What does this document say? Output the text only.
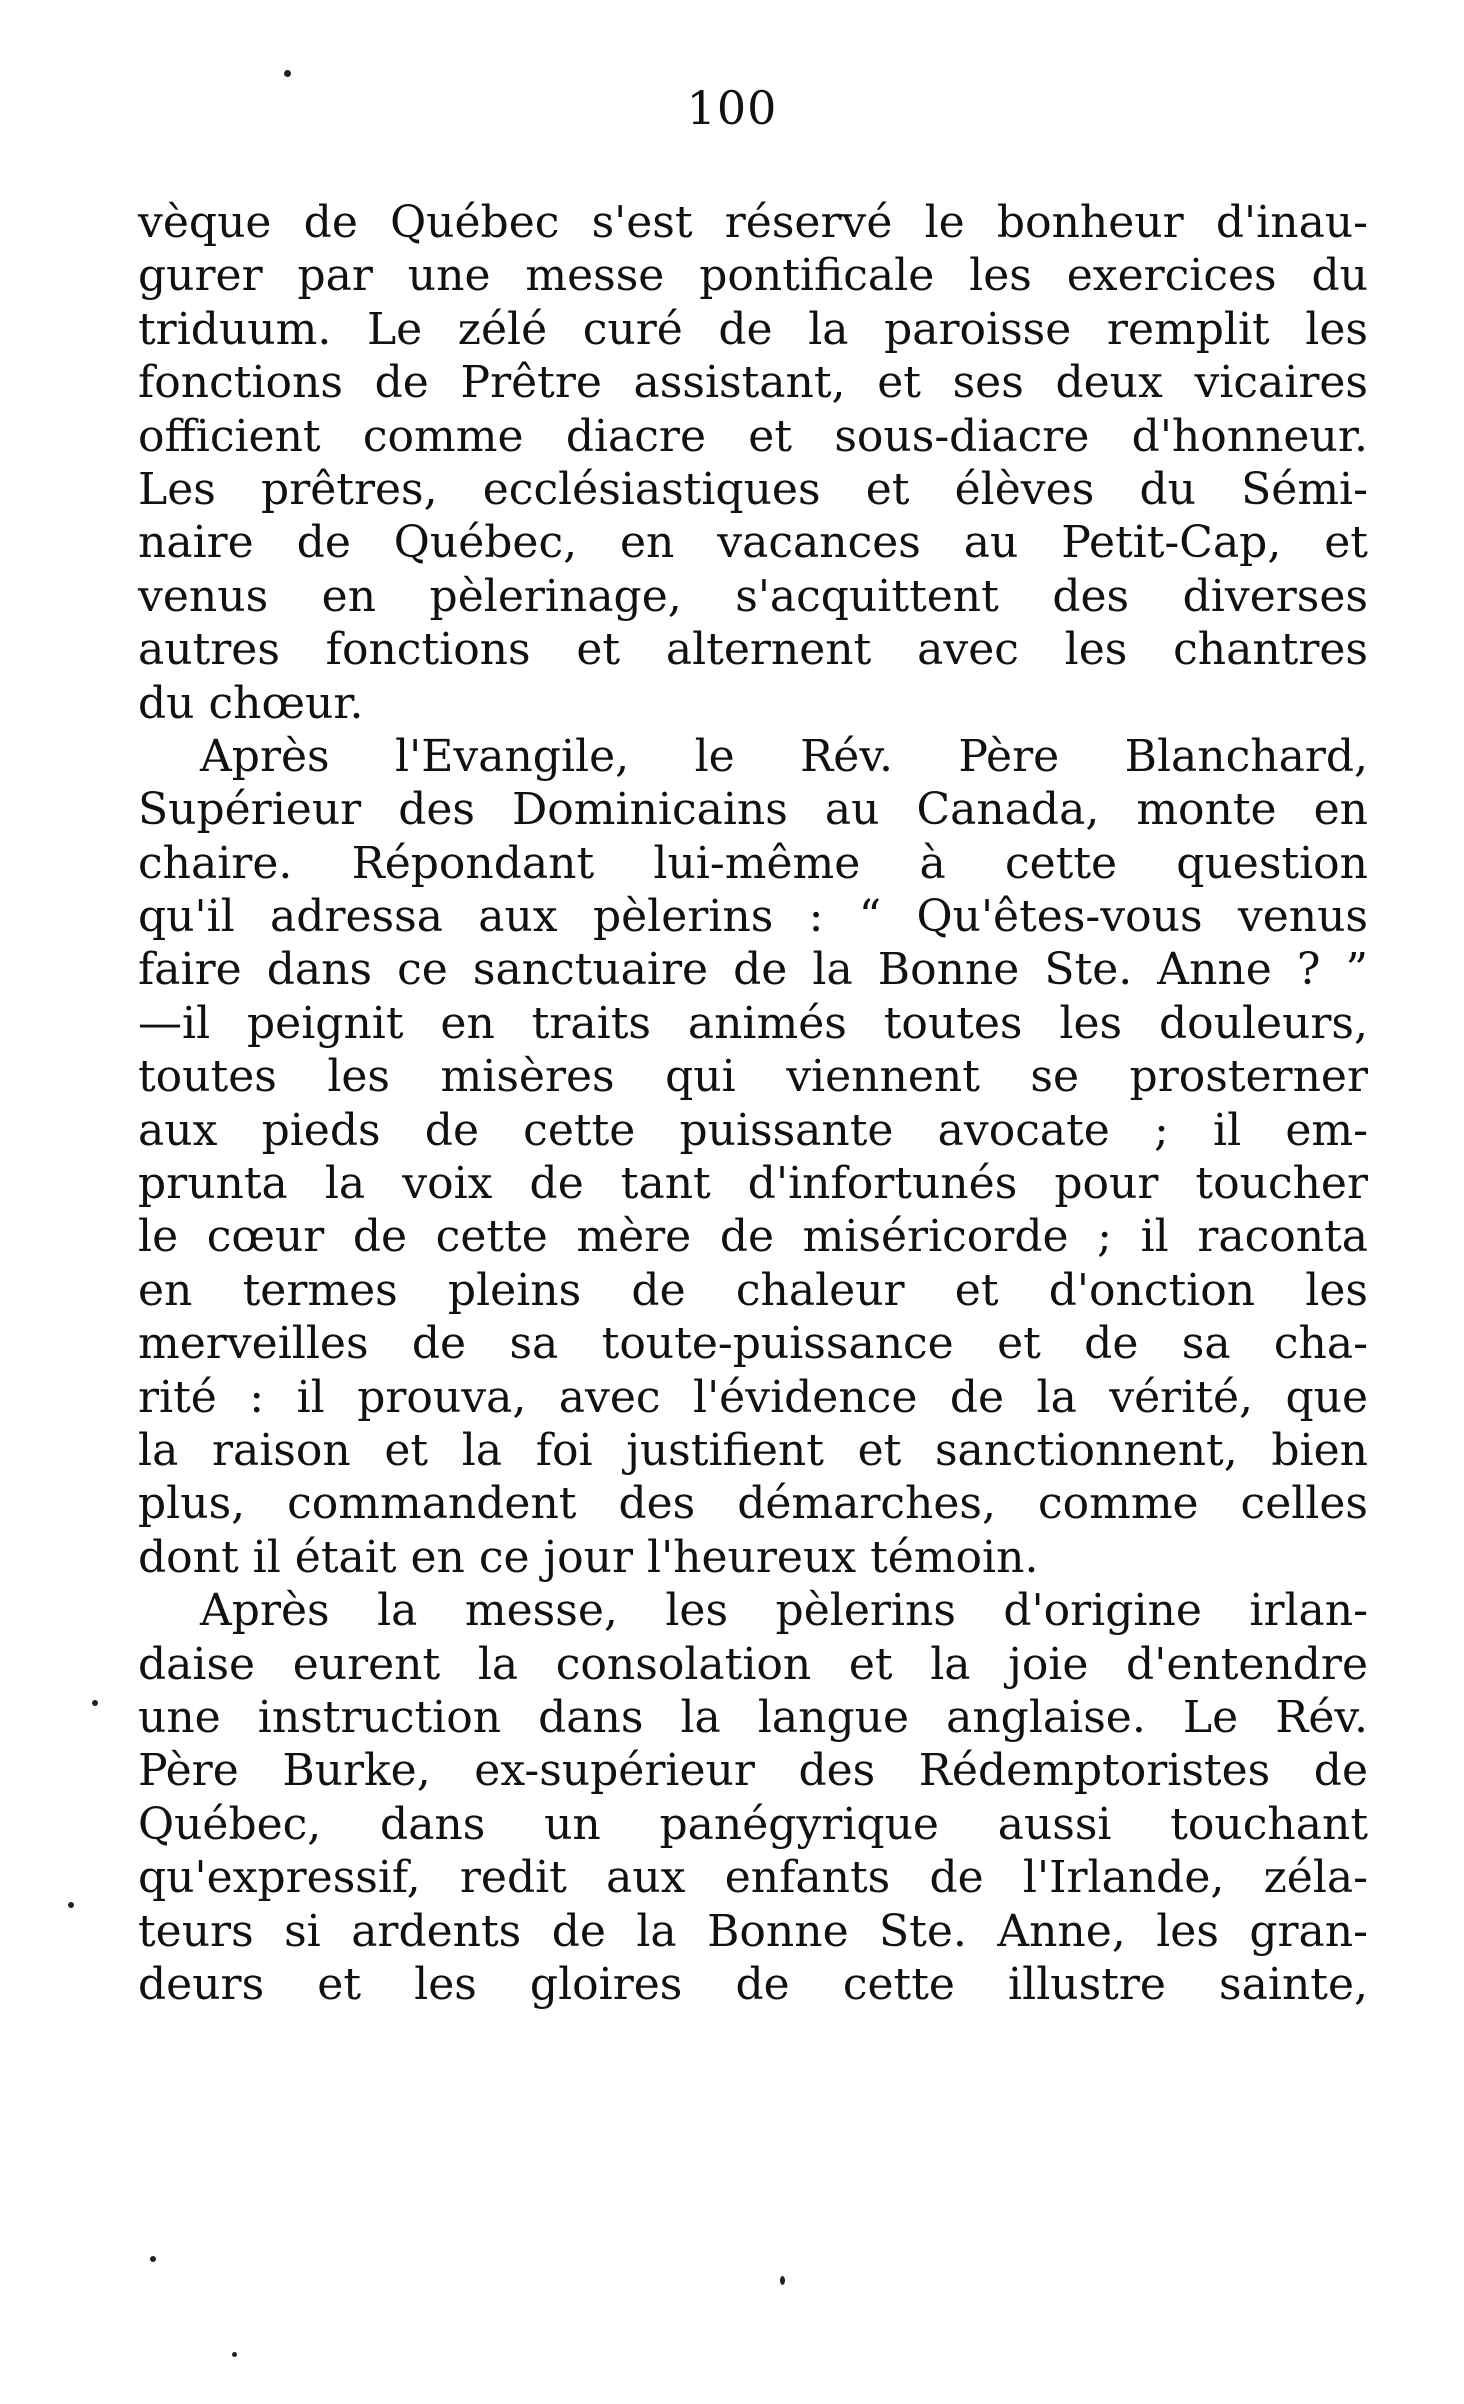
100
vèque de Québec s'est réservé le bonheur d'inau-
gurer par une messe pontificale les exercices du
triduum. Le zélé curé de la paroisse remplit les
fonctions de Prêtre assistant, et ses deux vicaires
officient comme diacre et sous-diacre d'honneur.
Les prêtres, ecclésiastiques et élèves du Sémi-
naire de Québec, en vacances au Petit-Cap, et
venus en pèlerinage, s'acquittent des diverses
autres fonctions et alternent avec les chantres
du chœur.
Après l'Evangile, le Rév. Père Blanchard,
Supérieur des Dominicains au Canada, monte en
chaire. Répondant lui-même à cette question
qu'il adressa aux pèlerins : “ Qu'êtes-vous venus
faire dans ce sanctuaire de la Bonne Ste. Anne ? ”
—il peignit en traits animés toutes les douleurs,
toutes les misères qui viennent se prosterner
aux pieds de cette puissante avocate ; il em-
prunta la voix de tant d'infortunés pour toucher
le cœur de cette mère de miséricorde ; il raconta
en termes pleins de chaleur et d'onction les
merveilles de sa toute-puissance et de sa cha-
rité : il prouva, avec l'évidence de la vérité, que
la raison et la foi justifient et sanctionnent, bien
plus, commandent des démarches, comme celles
dont il était en ce jour l'heureux témoin.
Après la messe, les pèlerins d'origine irlan-
daise eurent la consolation et la joie d'entendre
une instruction dans la langue anglaise. Le Rév.
Père Burke, ex-supérieur des Rédemptoristes de
Québec, dans un panégyrique aussi touchant
qu'expressif, redit aux enfants de l'Irlande, zéla-
teurs si ardents de la Bonne Ste. Anne, les gran-
deurs et les gloires de cette illustre sainte,
